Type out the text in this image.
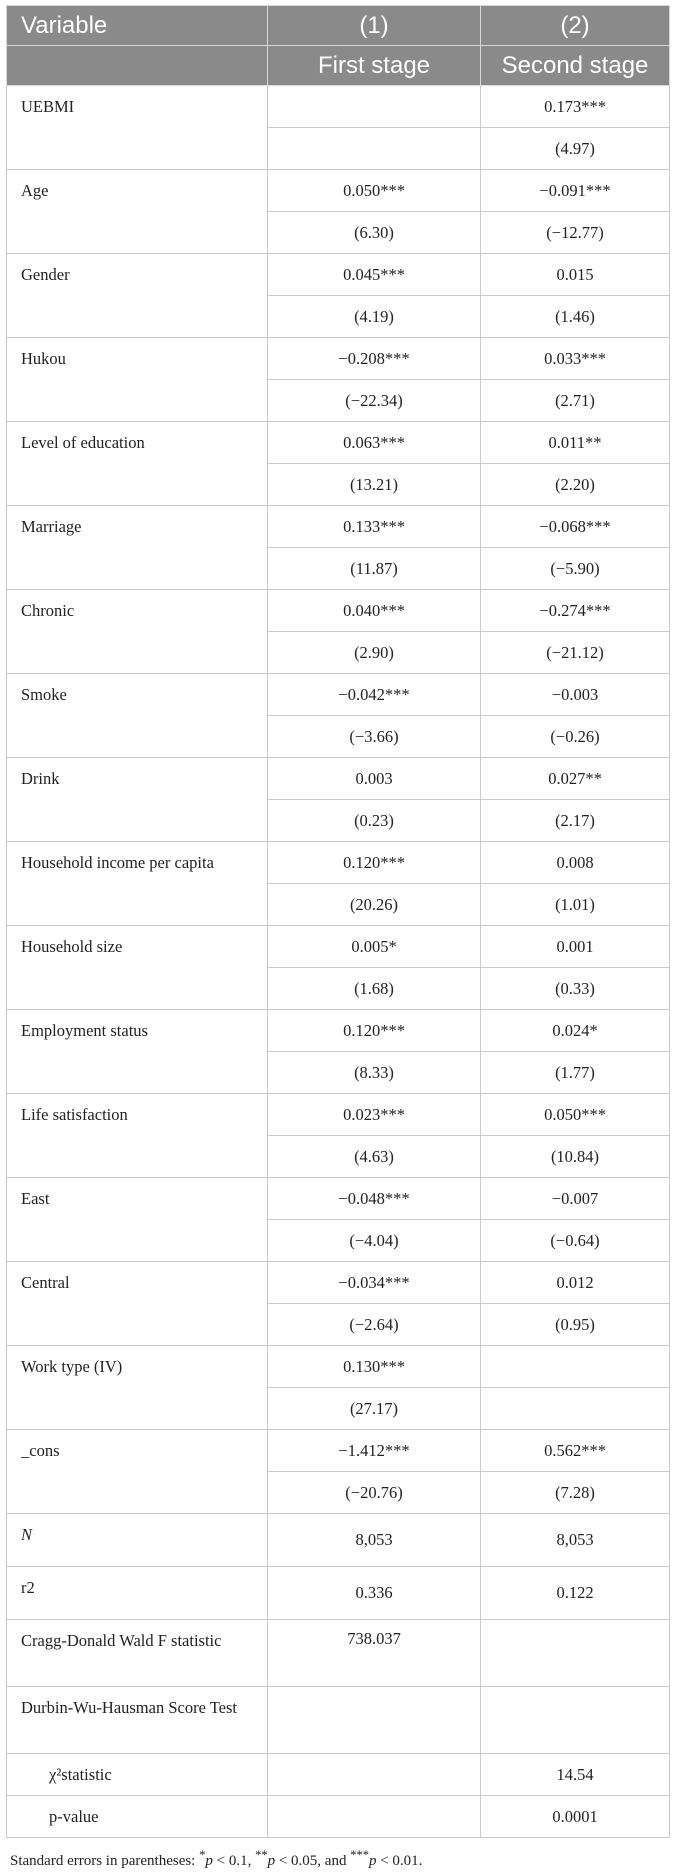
Variable	(1)	(2)
	First stage	Second stage
UEBMI		0.173***
		(4.97)
Age	0.050***	−0.091***
	(6.30)	(−12.77)
Gender	0.045***	0.015
	(4.19)	(1.46)
Hukou	−0.208***	0.033***
	(−22.34)	(2.71)
Level of education	0.063***	0.011**
	(13.21)	(2.20)
Marriage	0.133***	−0.068***
	(11.87)	(−5.90)
Chronic	0.040***	−0.274***
	(2.90)	(−21.12)
Smoke	−0.042***	−0.003
	(−3.66)	(−0.26)
Drink	0.003	0.027**
	(0.23)	(2.17)
Household income per capita	0.120***	0.008
	(20.26)	(1.01)
Household size	0.005*	0.001
	(1.68)	(0.33)
Employment status	0.120***	0.024*
	(8.33)	(1.77)
Life satisfaction	0.023***	0.050***
	(4.63)	(10.84)
East	−0.048***	−0.007
	(−4.04)	(−0.64)
Central	−0.034***	0.012
	(−2.64)	(0.95)
Work type (IV)	0.130***	
	(27.17)	
_cons	−1.412***	0.562***
	(−20.76)	(7.28)
N	8,053	8,053
r2	0.336	0.122
Cragg-Donald Wald F statistic	738.037	
Durbin-Wu-Hausman Score Test		
χ²statistic		14.54
p-value		0.0001
Standard errors in parentheses: *p < 0.1, **p < 0.05, and ***p < 0.01.
